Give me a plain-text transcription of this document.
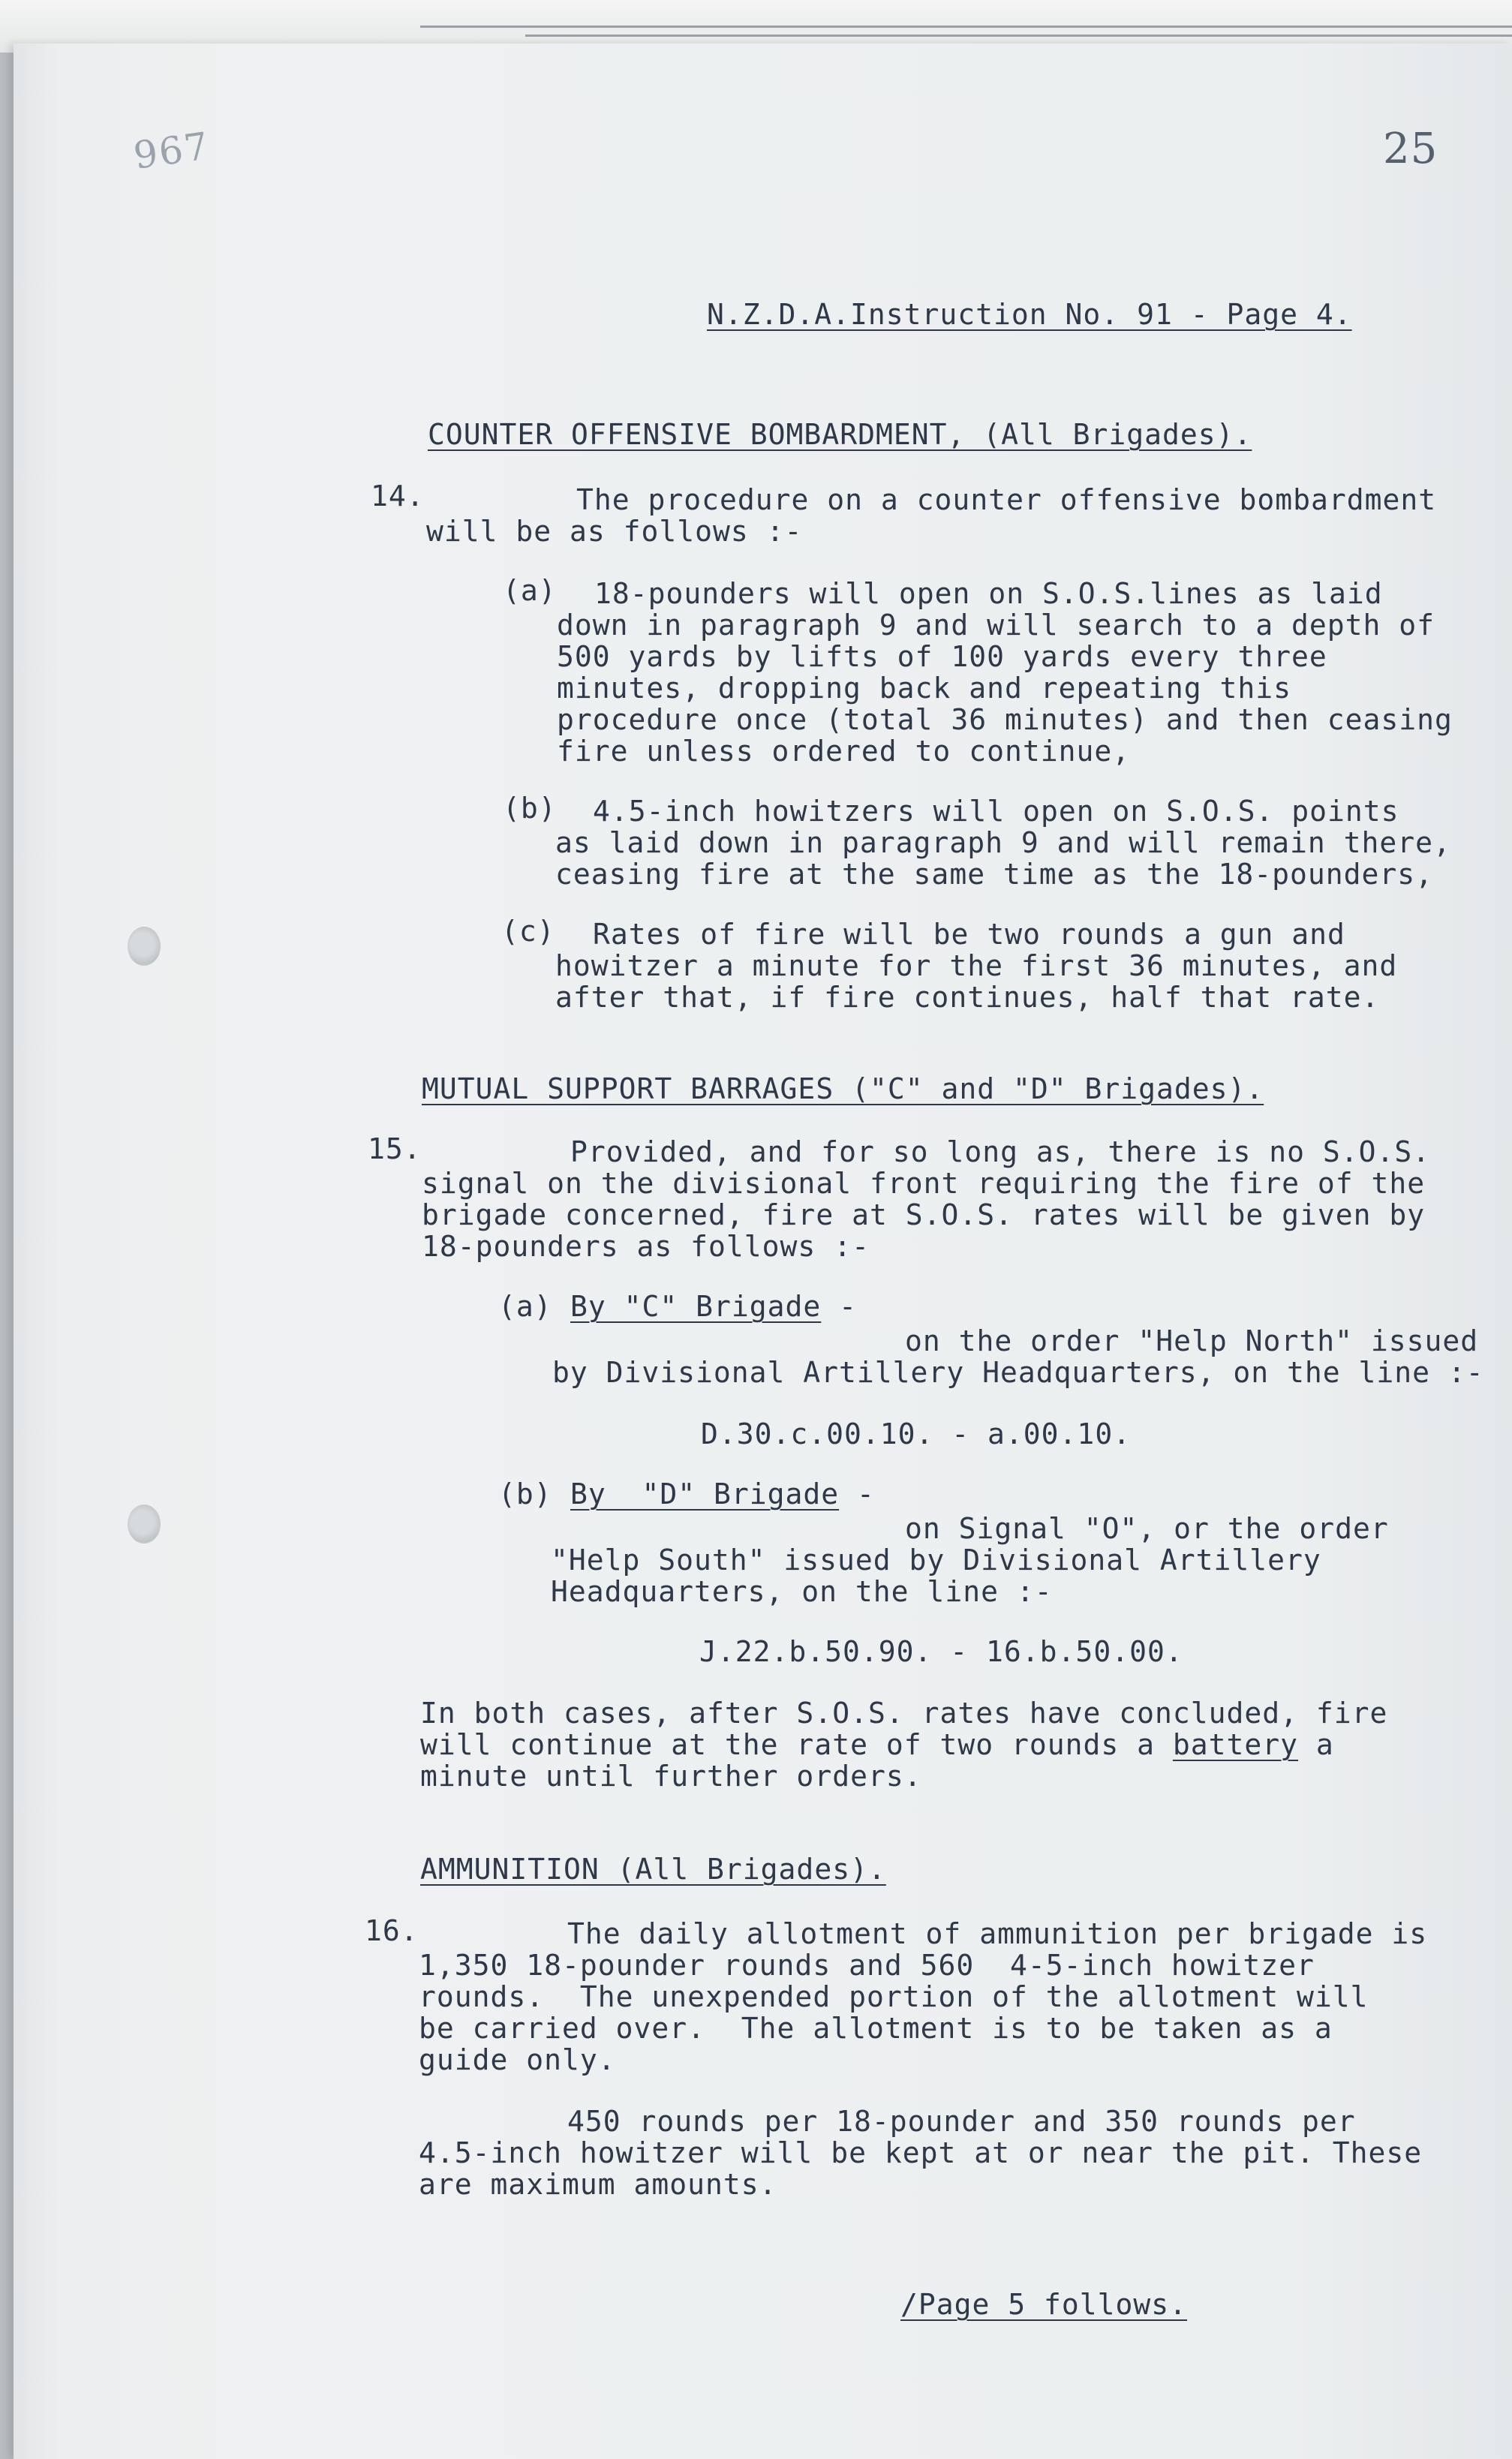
967	25
N.Z.D.A.Instruction No. 91 - Page 4.
COUNTER OFFENSIVE BOMBARDMENT, (All Brigades).
14.	The procedure on a counter offensive bombardment
will be as follows :-
(a) 18-pounders will open on S.O.S.lines as laid
down in paragraph 9 and will search to a depth of
500 yards by lifts of 100 yards every three
minutes, dropping back and repeating this
procedure once (total 36 minutes) and then ceasing
fire unless ordered to continue,
(b) 4.5-inch howitzers will open on S.O.S. points
as laid down in paragraph 9 and will remain there,
ceasing fire at the same time as the 18-pounders,
(c) Rates of fire will be two rounds a gun and
howitzer a minute for the first 36 minutes, and
after that, if fire continues, half that rate.
MUTUAL SUPPORT BARRAGES ("C" and "D" Brigades).
15.	Provided, and for so long as, there is no S.O.S.
signal on the divisional front requiring the fire of the
brigade concerned, fire at S.O.S. rates will be given by
18-pounders as follows :-
(a) By "C" Brigade -
on the order "Help North" issued
by Divisional Artillery Headquarters, on the line :-
D.30.c.00.10. - a.00.10.
(b) By  "D" Brigade -
on Signal "O", or the order
"Help South" issued by Divisional Artillery
Headquarters, on the line :-
J.22.b.50.90. - 16.b.50.00.
In both cases, after S.O.S. rates have concluded, fire
will continue at the rate of two rounds a battery a
minute until further orders.
AMMUNITION (All Brigades).
16.	The daily allotment of ammunition per brigade is
1,350 18-pounder rounds and 560  4-5-inch howitzer
rounds.  The unexpended portion of the allotment will
be carried over.  The allotment is to be taken as a
guide only.
450 rounds per 18-pounder and 350 rounds per
4.5-inch howitzer will be kept at or near the pit. These
are maximum amounts.
/Page 5 follows.
